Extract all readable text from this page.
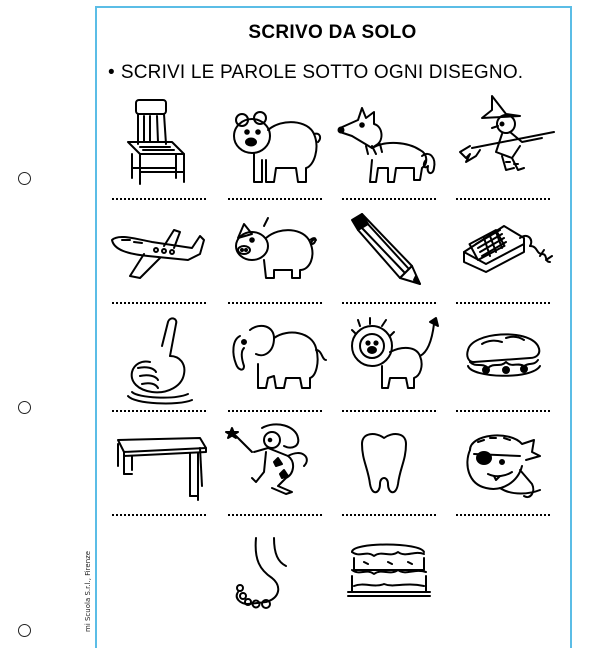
SCRIVO DA SOLO
• SCRIVI LE PAROLE SOTTO OGNI DISEGNO.
mi Scuola S.r.l., Firenze
